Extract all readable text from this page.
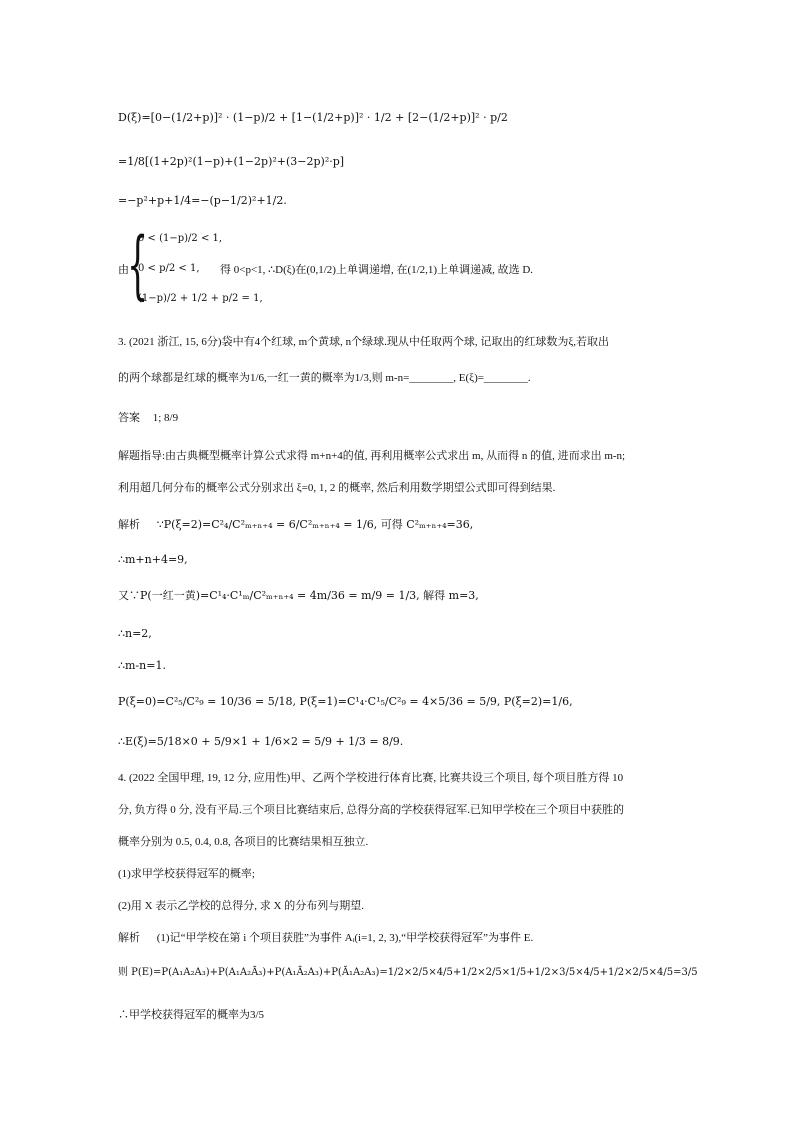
D(ξ)=[0−(1/2+p)]² · (1−p)/2 + [1−(1/2+p)]² · 1/2 + [2−(1/2+p)]² · p/2
=1/8[(1+2p)²(1−p)+(1−2p)²+(3−2p)²·p]
=−p²+p+1/4=−(p−1/2)²+1/2.
由
{
0 < (1−p)/2 < 1,
0 < p/2 < 1,
(1−p)/2 + 1/2 + p/2 = 1,
得 0<p<1, ∴D(ξ)在(0,1/2)上单调递增, 在(1/2,1)上单调递减, 故选 D.
3. (2021 浙江, 15, 6分)袋中有4个红球, m个黄球, n个绿球.现从中任取两个球, 记取出的红球数为ξ,若取出
的两个球都是红球的概率为1/6,一红一黄的概率为1/3,则 m-n=________, E(ξ)=________.
答案 1; 8/9
解题指导:由古典概型概率计算公式求得 m+n+4的值, 再利用概率公式求出 m, 从而得 n 的值, 进而求出 m-n;
利用超几何分布的概率公式分别求出 ξ=0, 1, 2 的概率, 然后利用数学期望公式即可得到结果.
解析 ∵P(ξ=2)=C²₄/C²ₘ₊ₙ₊₄ = 6/C²ₘ₊ₙ₊₄ = 1/6, 可得 C²ₘ₊ₙ₊₄=36,
∴m+n+4=9,
又∵P(一红一黄)=C¹₄·C¹ₘ/C²ₘ₊ₙ₊₄ = 4m/36 = m/9 = 1/3, 解得 m=3,
∴n=2,
∴m-n=1.
P(ξ=0)=C²₅/C²₉ = 10/36 = 5/18, P(ξ=1)=C¹₄·C¹₅/C²₉ = 4×5/36 = 5/9, P(ξ=2)=1/6,
∴E(ξ)=5/18×0 + 5/9×1 + 1/6×2 = 5/9 + 1/3 = 8/9.
4. (2022 全国甲理, 19, 12 分, 应用性)甲、乙两个学校进行体育比赛, 比赛共设三个项目, 每个项目胜方得 10
分, 负方得 0 分, 没有平局.三个项目比赛结束后, 总得分高的学校获得冠军.已知甲学校在三个项目中获胜的
概率分别为 0.5, 0.4, 0.8, 各项目的比赛结果相互独立.
(1)求甲学校获得冠军的概率;
(2)用 X 表示乙学校的总得分, 求 X 的分布列与期望.
解析 (1)记“甲学校在第 i 个项目获胜”为事件 Aᵢ(i=1, 2, 3),“甲学校获得冠军”为事件 E.
则 P(E)=P(A₁A₂A₃)+P(A₁A₂Ā₃)+P(A₁Ā₂A₃)+P(Ā₁A₂A₃)=1/2×2/5×4/5+1/2×2/5×1/5+1/2×3/5×4/5+1/2×2/5×4/5=3/5
∴甲学校获得冠军的概率为3/5
